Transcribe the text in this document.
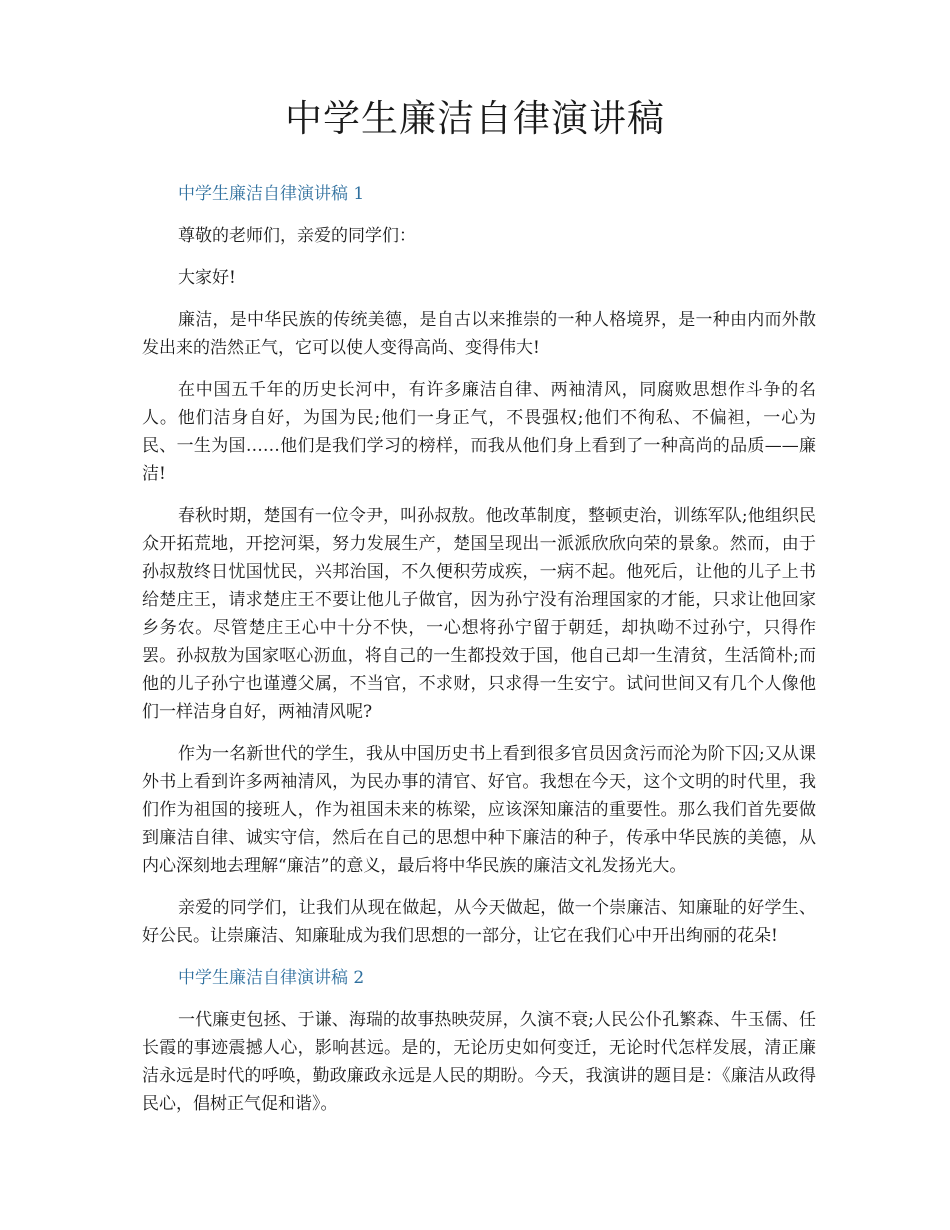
中学生廉洁自律演讲稿
中学生廉洁自律演讲稿 1

尊敬的老师们，亲爱的同学们：

大家好!

廉洁，是中华民族的传统美德，是自古以来推崇的一种人格境界，是一种由内而外散发出来的浩然正气，它可以使人变得高尚、变得伟大!

在中国五千年的历史长河中，有许多廉洁自律、两袖清风，同腐败思想作斗争的名人。他们洁身自好，为国为民;他们一身正气，不畏强权;他们不徇私、不偏袒，一心为民、一生为国……他们是我们学习的榜样，而我从他们身上看到了一种高尚的品质——廉洁!

春秋时期，楚国有一位令尹，叫孙叔敖。他改革制度，整顿吏治，训练军队;他组织民众开拓荒地，开挖河渠，努力发展生产，楚国呈现出一派派欣欣向荣的景象。然而，由于孙叔敖终日忧国忧民，兴邦治国，不久便积劳成疾，一病不起。他死后，让他的儿子上书给楚庄王，请求楚庄王不要让他儿子做官，因为孙宁没有治理国家的才能，只求让他回家乡务农。尽管楚庄王心中十分不快，一心想将孙宁留于朝廷，却执呦不过孙宁，只得作罢。孙叔敖为国家呕心沥血，将自己的一生都投效于国，他自己却一生清贫，生活简朴;而他的儿子孙宁也谨遵父属，不当官，不求财，只求得一生安宁。试问世间又有几个人像他们一样洁身自好，两袖清风呢?

作为一名新世代的学生，我从中国历史书上看到很多官员因贪污而沦为阶下囚;又从课外书上看到许多两袖清风，为民办事的清官、好官。我想在今天，这个文明的时代里，我们作为祖国的接班人，作为祖国未来的栋梁，应该深知廉洁的重要性。那么我们首先要做到廉洁自律、诚实守信，然后在自己的思想中种下廉洁的种子，传承中华民族的美德，从内心深刻地去理解“廉洁”的意义，最后将中华民族的廉洁文礼发扬光大。

亲爱的同学们，让我们从现在做起，从今天做起，做一个崇廉洁、知廉耻的好学生、好公民。让崇廉洁、知廉耻成为我们思想的一部分，让它在我们心中开出绚丽的花朵!

中学生廉洁自律演讲稿 2

一代廉吏包拯、于谦、海瑞的故事热映荧屏，久演不衰;人民公仆孔繁森、牛玉儒、任长霞的事迹震撼人心，影响甚远。是的，无论历史如何变迁，无论时代怎样发展，清正廉洁永远是时代的呼唤，勤政廉政永远是人民的期盼。今天，我演讲的题目是：《廉洁从政得民心，倡树正气促和谐》。
